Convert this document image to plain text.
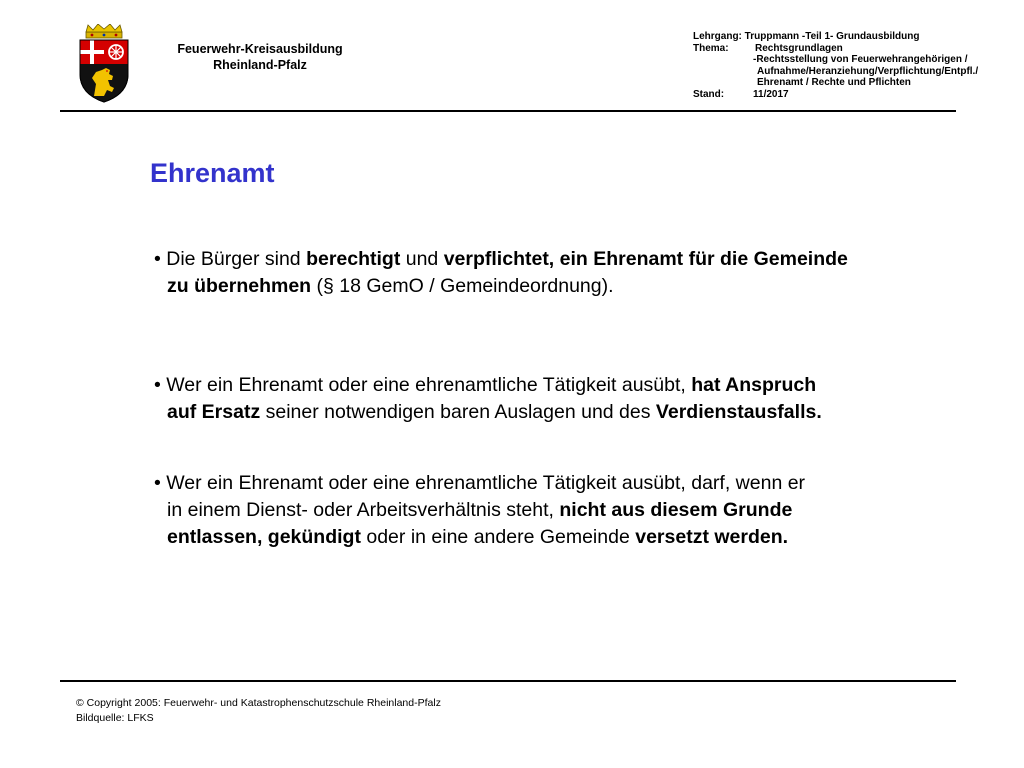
Feuerwehr-Kreisausbildung
Rheinland-Pfalz
Lehrgang: Truppmann -Teil 1- Grundausbildung
Thema:	Rechtsgrundlagen
-Rechtsstellung von Feuerwehrangehörigen /
Aufnahme/Heranziehung/Verpflichtung/Entpfl./
Ehrenamt / Rechte und Pflichten
Stand:	11/2017
Ehrenamt
• Die Bürger sind berechtigt und verpflichtet, ein Ehrenamt für die Gemeinde
zu übernehmen (§ 18 GemO / Gemeindeordnung).
• Wer ein Ehrenamt oder eine ehrenamtliche Tätigkeit ausübt, hat Anspruch
auf Ersatz seiner notwendigen baren Auslagen und des Verdienstausfalls.
• Wer ein Ehrenamt oder eine ehrenamtliche Tätigkeit ausübt, darf, wenn er
in einem Dienst- oder Arbeitsverhältnis steht, nicht aus diesem Grunde
entlassen, gekündigt oder in eine andere Gemeinde versetzt werden.
© Copyright 2005: Feuerwehr- und Katastrophenschutzschule Rheinland-Pfalz
Bildquelle: LFKS
